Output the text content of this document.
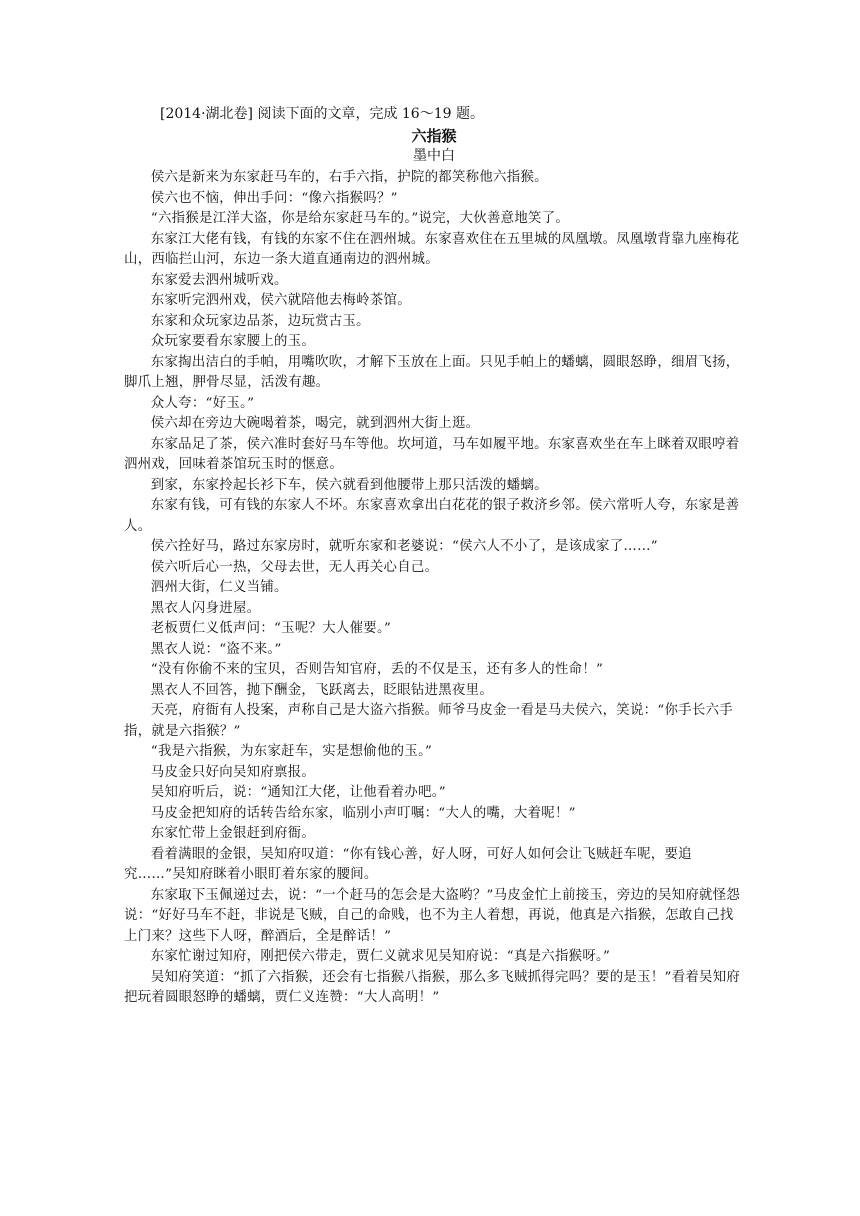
[2014·湖北卷] 阅读下面的文章，完成 16～19 题。

六指猴

墨中白

侯六是新来为东家赶马车的，右手六指，护院的都笑称他六指猴。

侯六也不恼，伸出手问：“像六指猴吗？”

“六指猴是江洋大盗，你是给东家赶马车的。”说完，大伙善意地笑了。

东家江大佬有钱，有钱的东家不住在泗州城。东家喜欢住在五里城的凤凰墩。凤凰墩背靠九座梅花山，西临拦山河，东边一条大道直通南边的泗州城。

东家爱去泗州城听戏。

东家听完泗州戏，侯六就陪他去梅岭茶馆。

东家和众玩家边品茶，边玩赏古玉。

众玩家要看东家腰上的玉。

东家掏出洁白的手帕，用嘴吹吹，才解下玉放在上面。只见手帕上的蟠螭，圆眼怒睁，细眉飞扬，脚爪上翘，胛骨尽显，活泼有趣。

众人夸：“好玉。”

侯六却在旁边大碗喝着茶，喝完，就到泗州大街上逛。

东家品足了茶，侯六准时套好马车等他。坎坷道，马车如履平地。东家喜欢坐在车上眯着双眼哼着泗州戏，回味着茶馆玩玉时的惬意。

到家，东家拎起长衫下车，侯六就看到他腰带上那只活泼的蟠螭。

东家有钱，可有钱的东家人不坏。东家喜欢拿出白花花的银子救济乡邻。侯六常听人夸，东家是善人。

侯六拴好马，路过东家房时，就听东家和老婆说：“侯六人不小了，是该成家了……”

侯六听后心一热，父母去世，无人再关心自己。

泗州大街，仁义当铺。

黑衣人闪身进屋。

老板贾仁义低声问：“玉呢？大人催要。”

黑衣人说：“盗不来。”

“没有你偷不来的宝贝，否则告知官府，丢的不仅是玉，还有多人的性命！”

黑衣人不回答，抛下酬金，飞跃离去，眨眼钻进黑夜里。

天亮，府衙有人投案，声称自己是大盗六指猴。师爷马皮金一看是马夫侯六，笑说：“你手长六手指，就是六指猴？”

“我是六指猴，为东家赶车，实是想偷他的玉。”

马皮金只好向吴知府禀报。

吴知府听后，说：“通知江大佬，让他看着办吧。”

马皮金把知府的话转告给东家，临别小声叮嘱：“大人的嘴，大着呢！”

东家忙带上金银赶到府衙。

看着满眼的金银，吴知府叹道：“你有钱心善，好人呀，可好人如何会让飞贼赶车呢，要追究……”吴知府眯着小眼盯着东家的腰间。

东家取下玉佩递过去，说：“一个赶马的怎会是大盗哟？”马皮金忙上前接玉，旁边的吴知府就怪怨说：“好好马车不赶，非说是飞贼，自己的命贱，也不为主人着想，再说，他真是六指猴，怎敢自己找上门来？这些下人呀，醉酒后，全是醉话！”

东家忙谢过知府，刚把侯六带走，贾仁义就求见吴知府说：“真是六指猴呀。”

吴知府笑道：“抓了六指猴，还会有七指猴八指猴，那么多飞贼抓得完吗？要的是玉！”看着吴知府把玩着圆眼怒睁的蟠螭，贾仁义连赞：“大人高明！”
